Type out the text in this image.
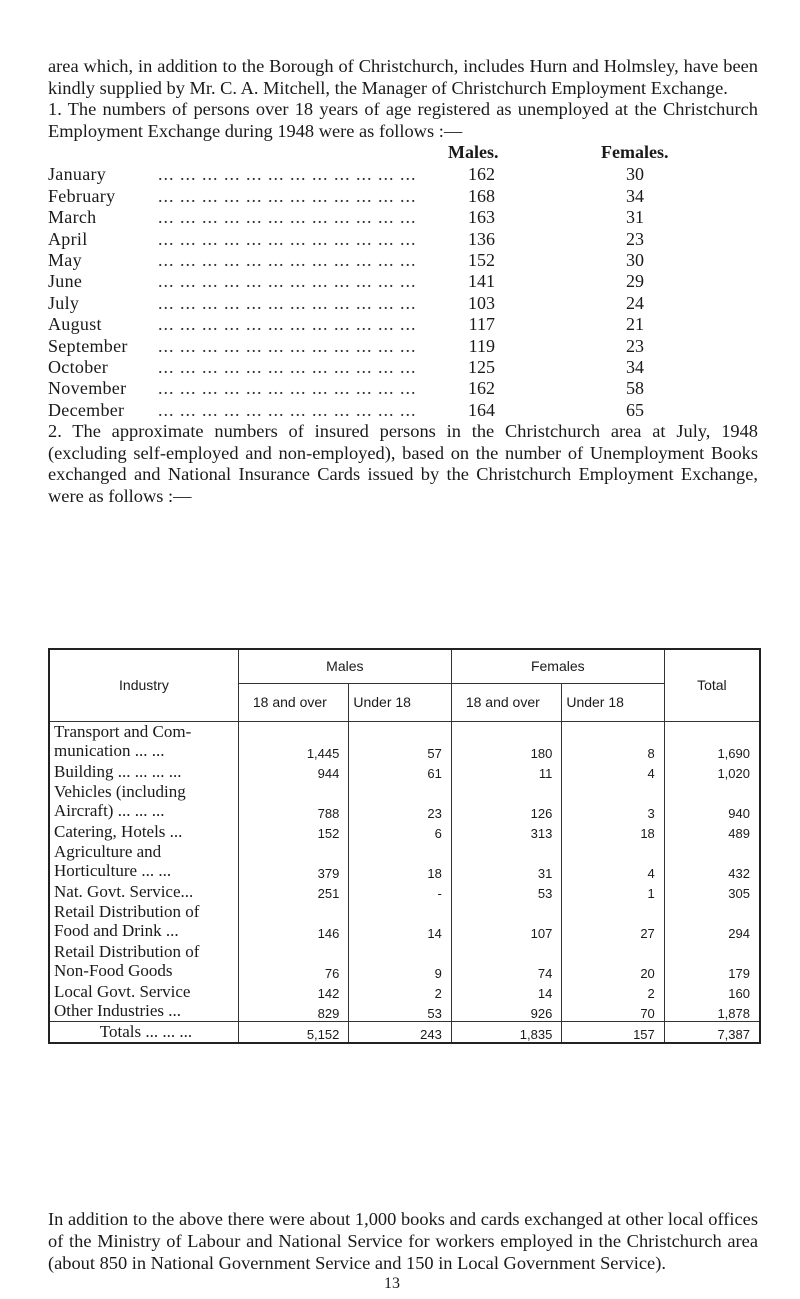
area which, in addition to the Borough of Christchurch, includes Hurn and Holmsley, have been kindly supplied by Mr. C. A. Mitchell, the Manager of Christchurch Employment Exchange.

1. The numbers of persons over 18 years of age registered as unemployed at the Christchurch Employment Exchange during 1948 were as follows :—

Males.	Females.
January	... ... ... ... ... ... ... ... ... ... ... ...	162	30
February ... ... ... ... ... ... ... ... ... ... ... ...	168	34
March	... ... ... ... ... ... ... ... ... ... ... ...	163	31
April	... ... ... ... ... ... ... ... ... ... ... ...	136	23
May	... ... ... ... ... ... ... ... ... ... ... ...	152	30
June	... ... ... ... ... ... ... ... ... ... ... ...	141	29
July	... ... ... ... ... ... ... ... ... ... ... ...	103	24
August	... ... ... ... ... ... ... ... ... ... ... ...	117	21
September ... ... ... ... ... ... ... ... ... ... ... ...	119	23
October	... ... ... ... ... ... ... ... ... ... ... ...	125	34
November ... ... ... ... ... ... ... ... ... ... ... ...	162	58
December ... ... ... ... ... ... ... ... ... ... ... ...	164	65

2. The approximate numbers of insured persons in the Christchurch area at July, 1948 (excluding self-employed and non-employed), based on the number of Unemployment Books exchanged and National Insurance Cards issued by the Christchurch Employment Exchange, were as follows :—

Industry	Males		Females		Total
	18 and over	Under 18	18 and over	Under 18	

Transport and Com-
munication ... ...	1,445	57	180	8	1,690

Building ... ... ... ...	944	61	11	4	1,020

Vehicles (including
Aircraft) ... ... ...	788	23	126	3	940

Catering, Hotels ...	152	6	313	18	489

Agriculture and
Horticulture ... ...	379	18	31	4	432

Nat. Govt. Service...	251	-	53	1	305

Retail Distribution of
Food and Drink ...	146	14	107	27	294

Retail Distribution of
Non-Food Goods	76	9	74	20	179

Local Govt. Service	142	2	14	2	160

Other Industries ...	829	53	926	70	1,878
Totals ... ... ...	5,152	243	1,835	157	7,387

In addition to the above there were about 1,000 books and cards exchanged at other local offices of the Ministry of Labour and National Service for workers employed in the Christchurch area (about 850 in National Government Service and 150 in Local Government Service).

13
